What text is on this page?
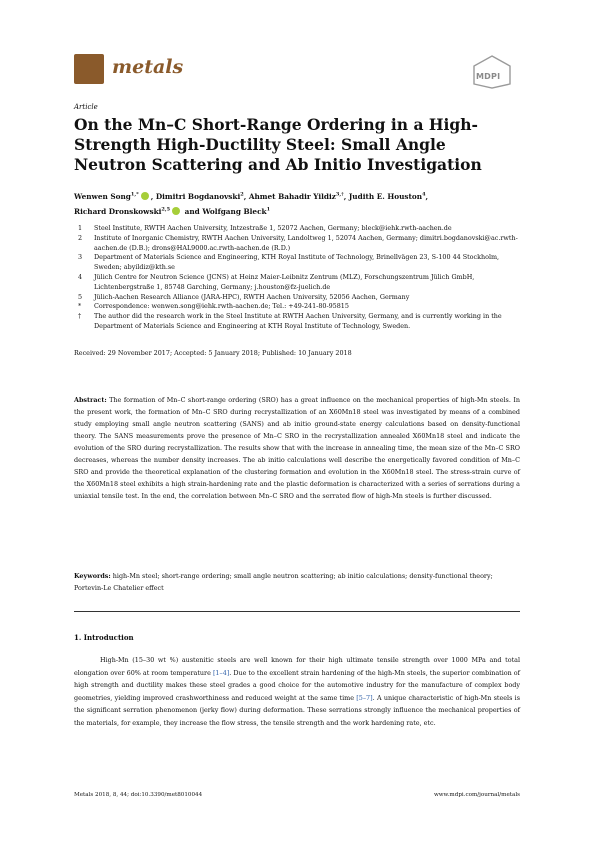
metals	MDPI
Article
On the Mn–C Short-Range Ordering in a High-Strength High-Ductility Steel: Small Angle Neutron Scattering and Ab Initio Investigation
Wenwen Song$^{1,*}$ , Dimitri Bogdanovski$^2$, Ahmet Bahadir Yildiz$^{3,\dagger}$, Judith E. Houston$^4$,
Richard Dronskowski$^{2,5}$ and Wolfgang Bleck$^1$
1	Steel Institute, RWTH Aachen University, Intzestraße 1, 52072 Aachen, Germany; bleck@iehk.rwth-aachen.de
2	Institute of Inorganic Chemistry, RWTH Aachen University, Landoltweg 1, 52074 Aachen, Germany; dimitri.bogdanovski@ac.rwth-aachen.de (D.B.); drons@HAL9000.ac.rwth-aachen.de (R.D.)
3	Department of Materials Science and Engineering, KTH Royal Institute of Technology, Brinellvägen 23, S-100 44 Stockholm, Sweden; abyildiz@kth.se
4	Jülich Centre for Neutron Science (JCNS) at Heinz Maier-Leibnitz Zentrum (MLZ), Forschungszentrum Jülich GmbH, Lichtenbergstraße 1, 85748 Garching, Germany; j.houston@fz-juelich.de
5	Jülich-Aachen Research Alliance (JARA-HPC), RWTH Aachen University, 52056 Aachen, Germany
*	Correspondence: wenwen.song@iehk.rwth-aachen.de; Tel.: +49-241-80-95815
†	The author did the research work in the Steel Institute at RWTH Aachen University, Germany, and is currently working in the Department of Materials Science and Engineering at KTH Royal Institute of Technology, Sweden.
Received: 29 November 2017; Accepted: 5 January 2018; Published: 10 January 2018
Abstract: The formation of Mn–C short-range ordering (SRO) has a great influence on the mechanical properties of high-Mn steels. In the present work, the formation of Mn–C SRO during recrystallization of an X60Mn18 steel was investigated by means of a combined study employing small angle neutron scattering (SANS) and ab initio ground-state energy calculations based on density-functional theory. The SANS measurements prove the presence of Mn–C SRO in the recrystallization annealed X60Mn18 steel and indicate the evolution of the SRO during recrystallization. The results show that with the increase in annealing time, the mean size of the Mn–C SRO decreases, whereas the number density increases. The ab initio calculations well describe the energetically favored condition of Mn–C SRO and provide the theoretical explanation of the clustering formation and evolution in the X60Mn18 steel. The stress-strain curve of the X60Mn18 steel exhibits a high strain-hardening rate and the plastic deformation is characterized with a series of serrations during a uniaxial tensile test. In the end, the correlation between Mn–C SRO and the serrated flow of high-Mn steels is further discussed.
Keywords: high-Mn steel; short-range ordering; small angle neutron scattering; ab initio calculations; density-functional theory; Portevin-Le Chatelier effect
1. Introduction

High-Mn (15–30 wt %) austenitic steels are well known for their high ultimate tensile strength over 1000 MPa and total elongation over 60% at room temperature [1–4]. Due to the excellent strain hardening of the high-Mn steels, the superior combination of high strength and ductility makes these steel grades a good choice for the automotive industry for the manufacture of complex body geometries, yielding improved crashworthiness and reduced weight at the same time [5–7]. A unique characteristic of high-Mn steels is the significant serration phenomenon (jerky flow) during deformation. These serrations strongly influence the mechanical properties of the materials, for example, they increase the flow stress, the tensile strength and the work hardening rate, etc.

Metals 2018, 8, 44; doi:10.3390/met8010044	www.mdpi.com/journal/metals
